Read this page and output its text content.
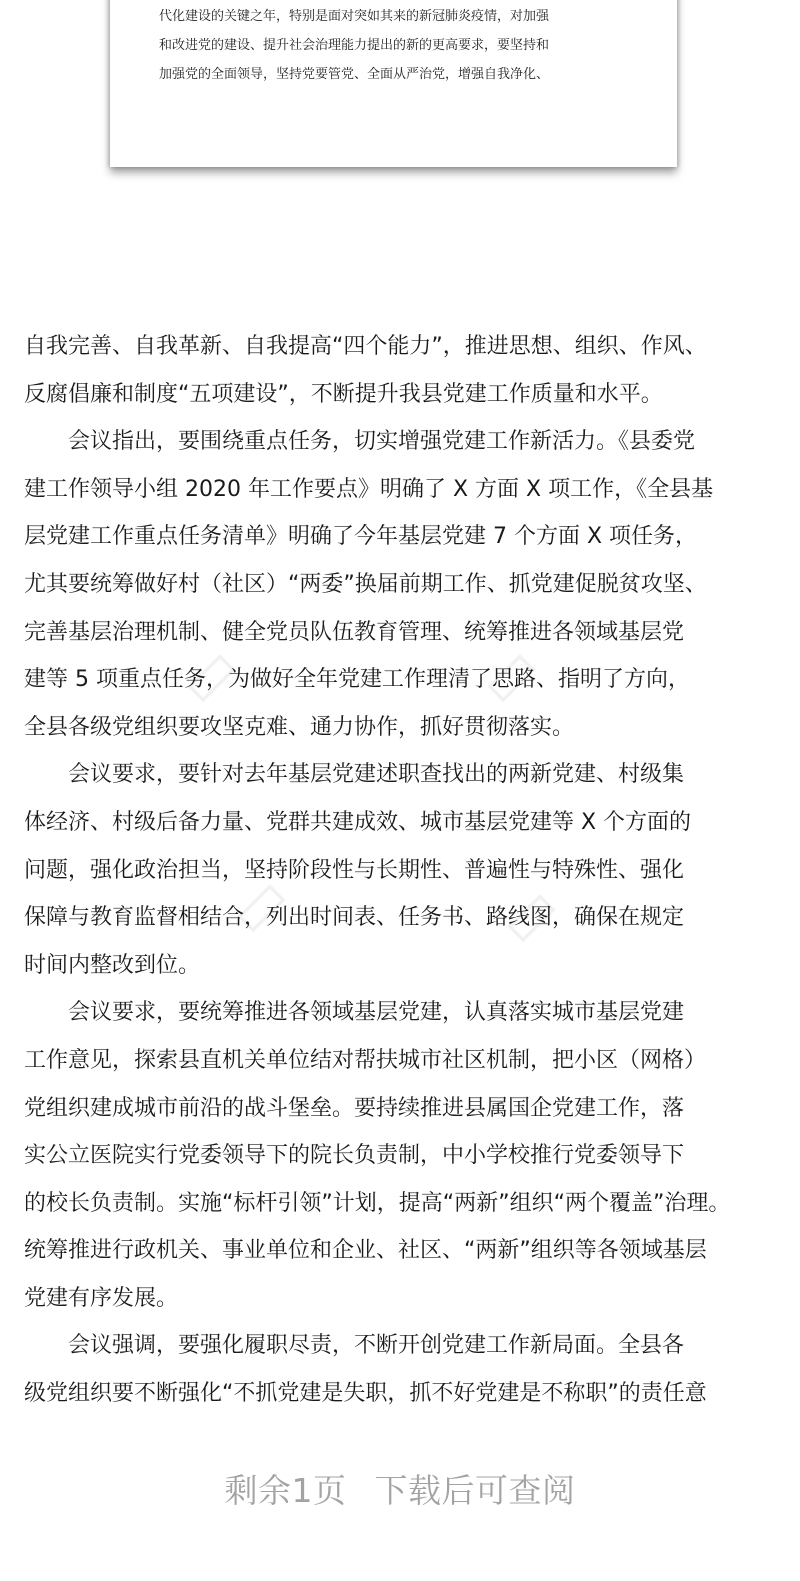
代化建设的关键之年，特别是面对突如其来的新冠肺炎疫情，对加强
和改进党的建设、提升社会治理能力提出的新的更高要求，要坚持和
加强党的全面领导，坚持党要管党、全面从严治党，增强自我净化、
▭	▭
▭	▭
自我完善、自我革新、自我提高“四个能力”，推进思想、组织、作风、
反腐倡廉和制度“五项建设”，不断提升我县党建工作质量和水平。
　　会议指出，要围绕重点任务，切实增强党建工作新活力。《县委党
建工作领导小组 2020 年工作要点》明确了 X 方面 X 项工作，《全县基
层党建工作重点任务清单》明确了今年基层党建 7 个方面 X 项任务，
尤其要统筹做好村（社区）“两委”换届前期工作、抓党建促脱贫攻坚、
完善基层治理机制、健全党员队伍教育管理、统筹推进各领域基层党
建等 5 项重点任务，为做好全年党建工作理清了思路、指明了方向，
全县各级党组织要攻坚克难、通力协作，抓好贯彻落实。
　　会议要求，要针对去年基层党建述职查找出的两新党建、村级集
体经济、村级后备力量、党群共建成效、城市基层党建等 X 个方面的
问题，强化政治担当，坚持阶段性与长期性、普遍性与特殊性、强化
保障与教育监督相结合，列出时间表、任务书、路线图，确保在规定
时间内整改到位。
　　会议要求，要统筹推进各领域基层党建，认真落实城市基层党建
工作意见，探索县直机关单位结对帮扶城市社区机制，把小区（网格）
党组织建成城市前沿的战斗堡垒。要持续推进县属国企党建工作，落
实公立医院实行党委领导下的院长负责制，中小学校推行党委领导下
的校长负责制。实施“标杆引领”计划，提高“两新”组织“两个覆盖”治理。
统筹推进行政机关、事业单位和企业、社区、“两新”组织等各领域基层
党建有序发展。
　　会议强调，要强化履职尽责，不断开创党建工作新局面。全县各
级党组织要不断强化“不抓党建是失职，抓不好党建是不称职”的责任意
剩余1页 下载后可查阅
